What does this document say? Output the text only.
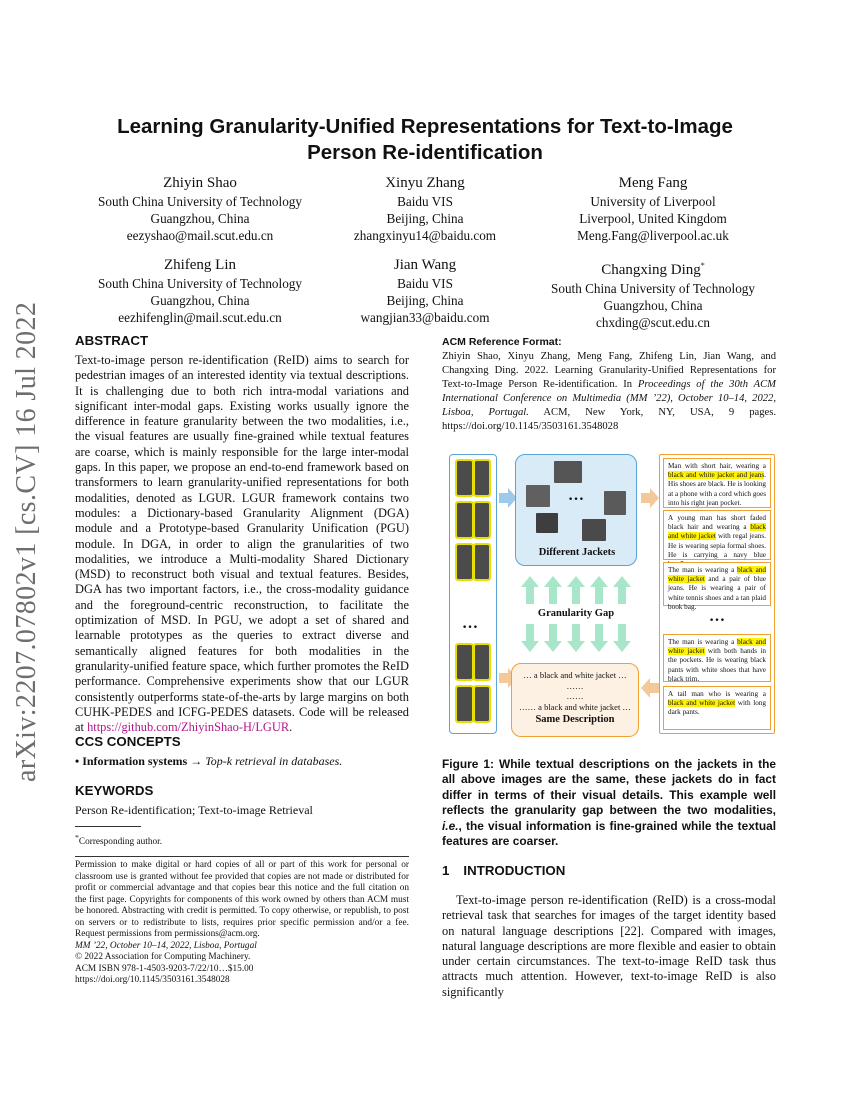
arXiv:2207.07802v1 [cs.CV] 16 Jul 2022
Learning Granularity-Unified Representations for Text-to-Image
Person Re-identification
Zhiyin Shao
South China University of Technology
Guangzhou, China
eezyshao@mail.scut.edu.cn
Xinyu Zhang
Baidu VIS
Beijing, China
zhangxinyu14@baidu.com
Meng Fang
University of Liverpool
Liverpool, United Kingdom
Meng.Fang@liverpool.ac.uk
Zhifeng Lin
South China University of Technology
Guangzhou, China
eezhifenglin@mail.scut.edu.cn
Jian Wang
Baidu VIS
Beijing, China
wangjian33@baidu.com
Changxing Ding*
South China University of Technology
Guangzhou, China
chxding@scut.edu.cn
ABSTRACT
Text-to-image person re-identification (ReID) aims to search for pedestrian images of an interested identity via textual descriptions. It is challenging due to both rich intra-modal variations and significant inter-modal gaps. Existing works usually ignore the difference in feature granularity between the two modalities, i.e., the visual features are usually fine-grained while textual features are coarse, which is mainly responsible for the large inter-modal gaps. In this paper, we propose an end-to-end framework based on transformers to learn granularity-unified representations for both modalities, denoted as LGUR. LGUR framework contains two modules: a Dictionary-based Granularity Alignment (DGA) module and a Prototype-based Granularity Unification (PGU) module. In DGA, in order to align the granularities of two modalities, we introduce a Multi-modality Shared Dictionary (MSD) to reconstruct both visual and textual features. Besides, DGA has two important factors, i.e., the cross-modality guidance and the foreground-centric reconstruction, to facilitate the optimization of MSD. In PGU, we adopt a set of shared and learnable prototypes as the queries to extract diverse and semantically aligned features for both modalities in the granularity-unified feature space, which further promotes the ReID performance. Comprehensive experiments show that our LGUR consistently outperforms state-of-the-arts by large margins on both CUHK-PEDES and ICFG-PEDES datasets. Code will be released at https://github.com/ZhiyinShao-H/LGUR.
CCS CONCEPTS
• Information systems → Top-k retrieval in databases.
KEYWORDS
Person Re-identification; Text-to-image Retrieval
*Corresponding author.
Permission to make digital or hard copies of all or part of this work for personal or classroom use is granted without fee provided that copies are not made or distributed for profit or commercial advantage and that copies bear this notice and the full citation on the first page. Copyrights for components of this work owned by others than ACM must be honored. Abstracting with credit is permitted. To copy otherwise, or republish, to post on servers or to redistribute to lists, requires prior specific permission and/or a fee. Request permissions from permissions@acm.org.
MM ’22, October 10–14, 2022, Lisboa, Portugal
© 2022 Association for Computing Machinery.
ACM ISBN 978-1-4503-9203-7/22/10…$15.00
https://doi.org/10.1145/3503161.3548028
ACM Reference Format:
Zhiyin Shao, Xinyu Zhang, Meng Fang, Zhifeng Lin, Jian Wang, and Changxing Ding. 2022. Learning Granularity-Unified Representations for Text-to-Image Person Re-identification. In Proceedings of the 30th ACM International Conference on Multimedia (MM ’22), October 10–14, 2022, Lisboa, Portugal. ACM, New York, NY, USA, 9 pages. https://doi.org/10.1145/3503161.3548028
…
…
Different Jackets
Granularity Gap
… a black and white jacket …
……
……
…… a black and white jacket …
Same Description
Man with short hair, wearing a black and white jacket and jeans. His shoes are black. He is looking at a phone with a cord which goes into his right jean pocket.
A young man has short faded black hair and wearing a black and white jacket with regal jeans. He is wearing sepia formal shoes. He is carrying a navy blue
The man is wearing a black and white jacket and a pair of blue jeans. He is wearing a pair of white tennis shoes and a tan plaid book bag.
…
The man is wearing a black and white jacket with both hands in the pockets. He is wearing black pants with white shoes that have black trim.
A tail man who is wearing a black and white jacket with long dark pants.
Figure 1: While textual descriptions on the jackets in the all above images are the same, these jackets do in fact differ in terms of their visual details. This example well reflects the granularity gap between the two modalities, i.e., the visual information is fine-grained while the textual features are coarser.
1 INTRODUCTION
Text-to-image person re-identification (ReID) is a cross-modal retrieval task that searches for images of the target identity based on natural language descriptions [22]. Compared with images, natural language descriptions are more flexible and easier to obtain under certain circumstances. The text-to-image ReID task thus attracts much attention. However, text-to-image ReID is also significantly
